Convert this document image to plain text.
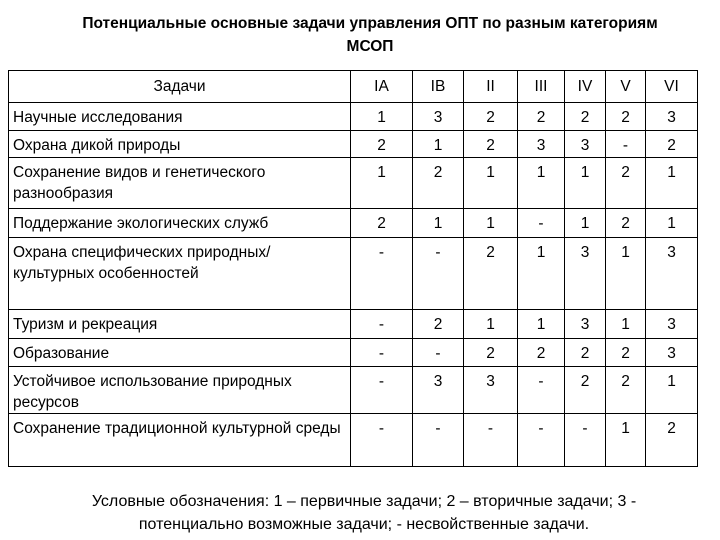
Потенциальные основные задачи управления ОПТ по разным категориям
МСОП
Задачи	IA	IB	II	III	IV	V	VI
Научные исследования	1	3	2	2	2	2	3
Охрана дикой природы	2	1	2	3	3	-	2
Сохранение видов и генетического разнообразия	1	2	1	1	1	2	1
Поддержание экологических служб	2	1	1	-	1	2	1
Охрана специфических природных/культурных особенностей	-	-	2	1	3	1	3
Туризм и рекреация	-	2	1	1	3	1	3
Образование	-	-	2	2	2	2	3
Устойчивое использование природных ресурсов	-	3	3	-	2	2	1
Сохранение традиционной культурной среды	-	-	-	-	-	1	2
Условные обозначения: 1 – первичные задачи; 2 – вторичные задачи; 3 -
потенциально возможные задачи; - несвойственные задачи.
